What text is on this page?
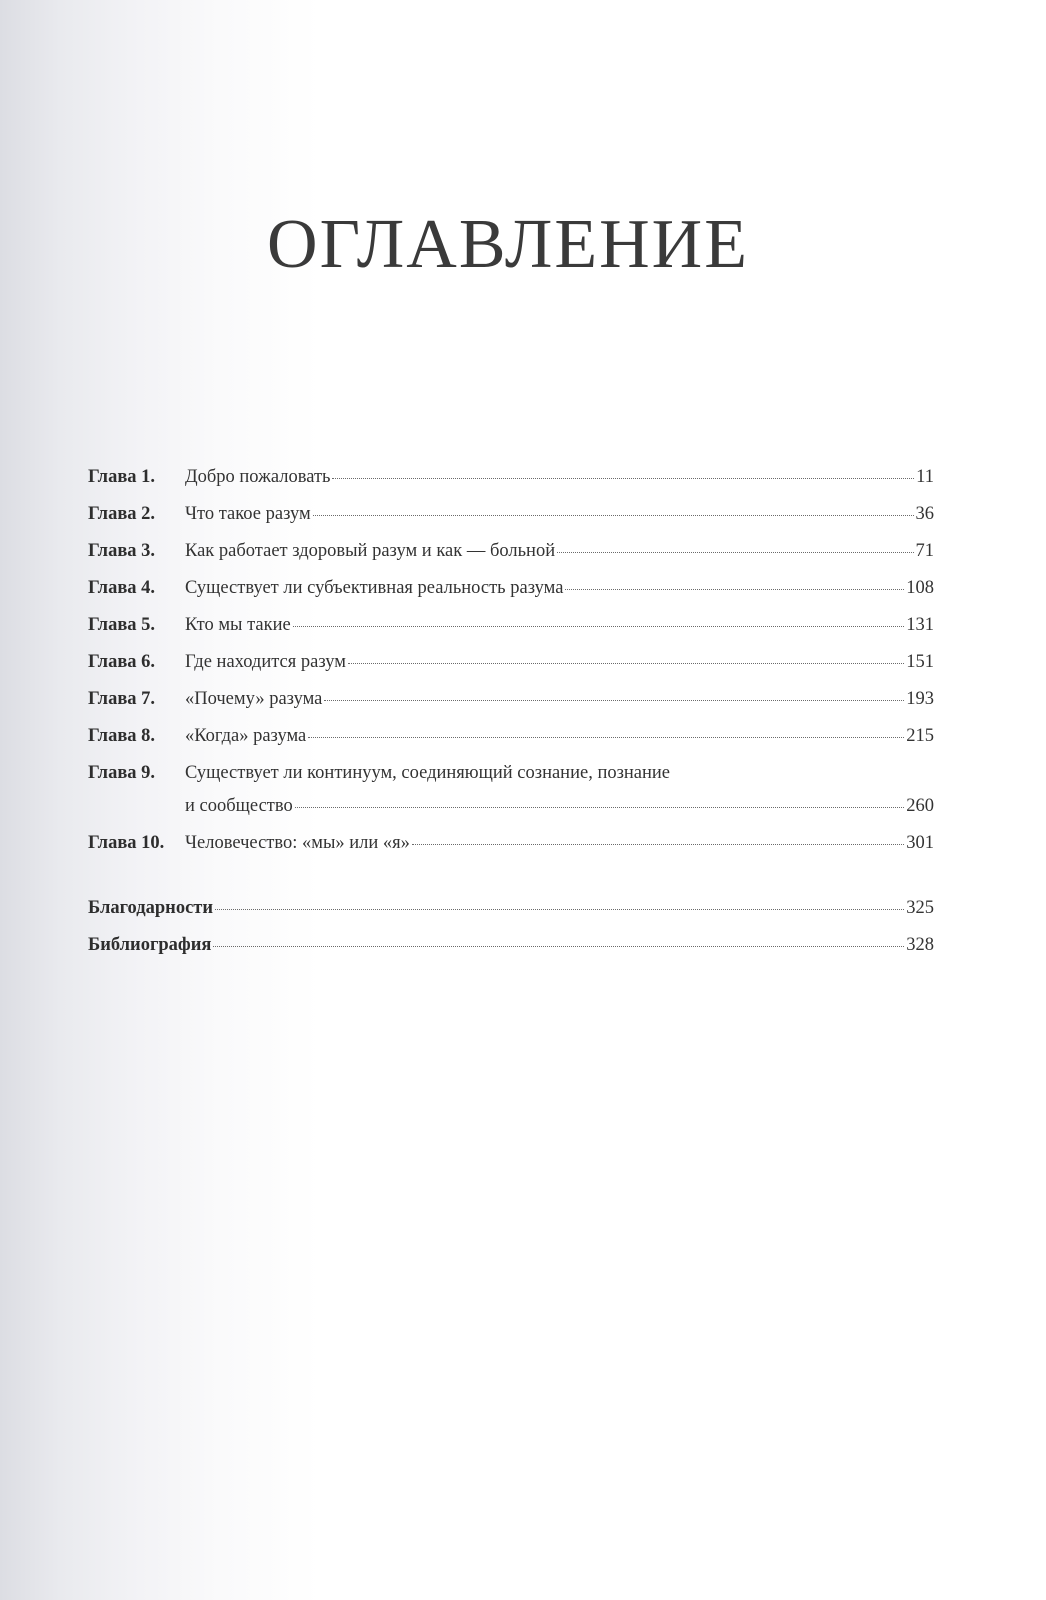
ОГЛАВЛЕНИЕ
Глава 1.	Добро пожаловать	11
Глава 2.	Что такое разум	36
Глава 3.	Как работает здоровый разум и как — больной	71
Глава 4.	Существует ли субъективная реальность разума	108
Глава 5.	Кто мы такие	131
Глава 6.	Где находится разум	151
Глава 7.	«Почему» разума	193
Глава 8.	«Когда» разума	215
Глава 9.	Существует ли континуум, соединяющий сознание, познание
и сообщество	260
Глава 10.	Человечество: «мы» или «я»	301
Благодарности	325
Библиография	328
